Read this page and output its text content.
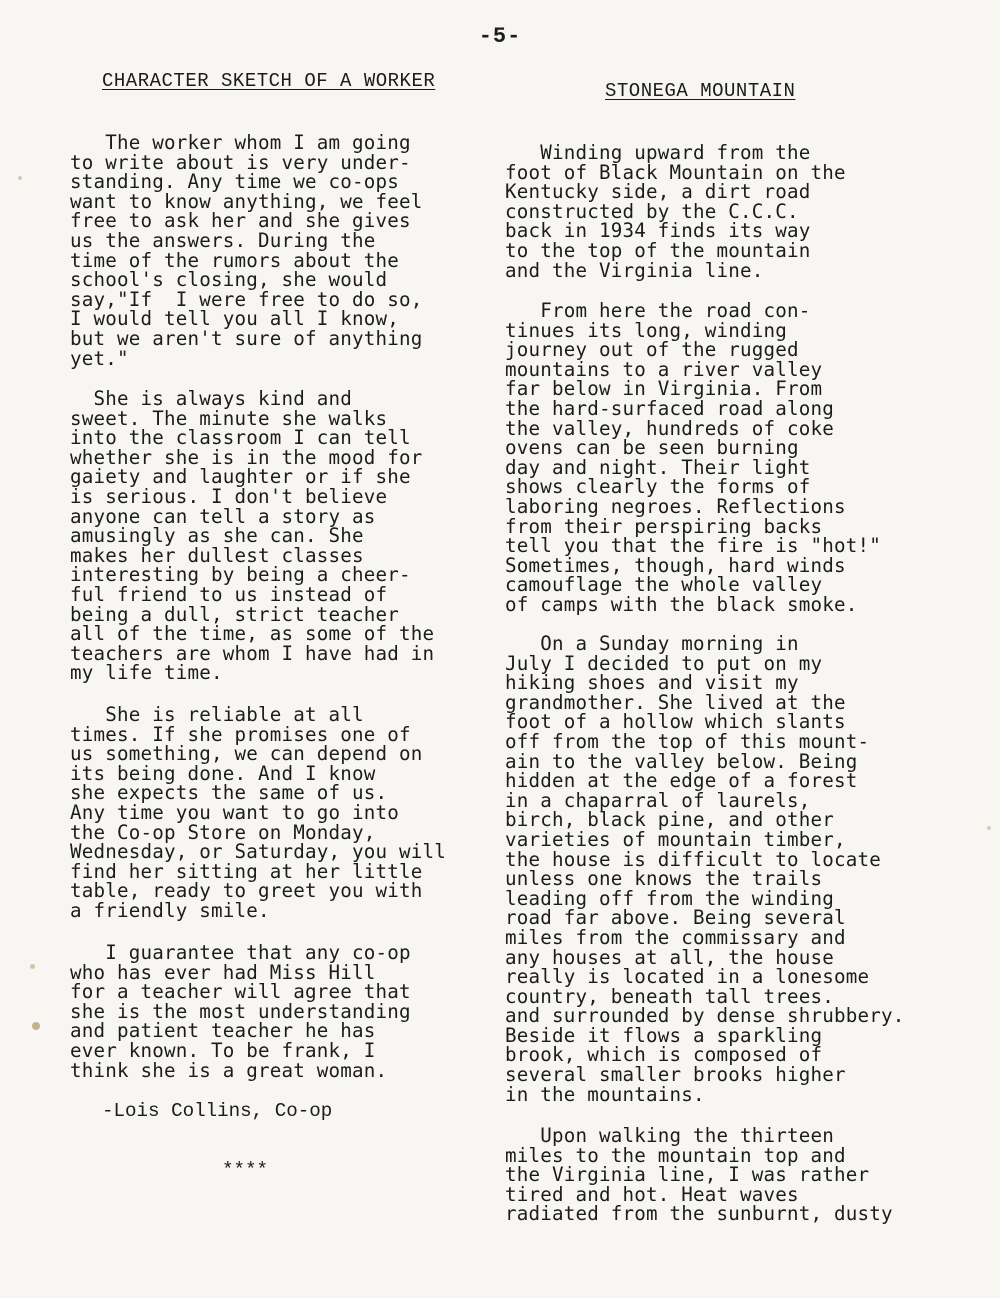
-5-
CHARACTER SKETCH OF A WORKER
The worker whom I am going
to write about is very under-
standing. Any time we co-ops
want to know anything, we feel
free to ask her and she gives
us the answers. During the
time of the rumors about the
school's closing, she would
say,"If  I were free to do so,
I would tell you all I know,
but we aren't sure of anything
yet."
She is always kind and
sweet. The minute she walks
into the classroom I can tell
whether she is in the mood for
gaiety and laughter or if she
is serious. I don't believe
anyone can tell a story as
amusingly as she can. She
makes her dullest classes
interesting by being a cheer-
ful friend to us instead of
being a dull, strict teacher
all of the time, as some of the
teachers are whom I have had in
my life time.
She is reliable at all
times. If she promises one of
us something, we can depend on
its being done. And I know
she expects the same of us.
Any time you want to go into
the Co-op Store on Monday,
Wednesday, or Saturday, you will
find her sitting at her little
table, ready to greet you with
a friendly smile.
I guarantee that any co-op
who has ever had Miss Hill
for a teacher will agree that
she is the most understanding
and patient teacher he has
ever known. To be frank, I
think she is a great woman.
-Lois Collins, Co-op
****
STONEGA MOUNTAIN
Winding upward from the
foot of Black Mountain on the
Kentucky side, a dirt road
constructed by the C.C.C.
back in 1934 finds its way
to the top of the mountain
and the Virginia line.
From here the road con-
tinues its long, winding
journey out of the rugged
mountains to a river valley
far below in Virginia. From
the hard-surfaced road along
the valley, hundreds of coke
ovens can be seen burning
day and night. Their light
shows clearly the forms of
laboring negroes. Reflections
from their perspiring backs
tell you that the fire is "hot!"
Sometimes, though, hard winds
camouflage the whole valley
of camps with the black smoke.
On a Sunday morning in
July I decided to put on my
hiking shoes and visit my
grandmother. She lived at the
foot of a hollow which slants
off from the top of this mount-
ain to the valley below. Being
hidden at the edge of a forest
in a chaparral of laurels,
birch, black pine, and other
varieties of mountain timber,
the house is difficult to locate
unless one knows the trails
leading off from the winding
road far above. Being several
miles from the commissary and
any houses at all, the house
really is located in a lonesome
country, beneath tall trees.
and surrounded by dense shrubbery.
Beside it flows a sparkling
brook, which is composed of
several smaller brooks higher
in the mountains.
Upon walking the thirteen
miles to the mountain top and
the Virginia line, I was rather
tired and hot. Heat waves
radiated from the sunburnt, dusty
